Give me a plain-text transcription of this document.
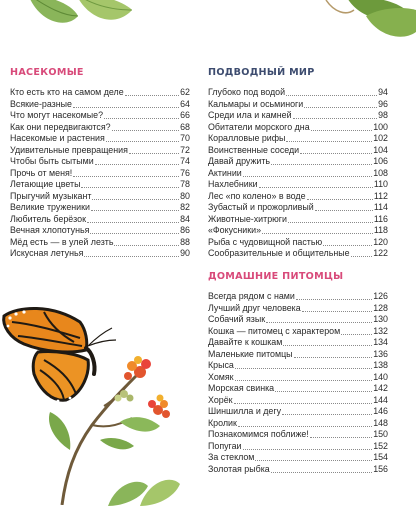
НАСЕКОМЫЕ
Кто есть кто на самом деле	62
Всякие-разные	64
Что могут насекомые?	66
Как они передвигаются?	68
Насекомые и растения	70
Удивительные превращения	72
Чтобы быть сытыми	74
Прочь от меня!	76
Летающие цветы	78
Прыгучий музыкант	80
Великие труженики	82
Любитель берёзок	84
Вечная хлопотунья	86
Мёд есть — в улей лезть	88
Искусная летунья	90
ПОДВОДНЫЙ МИР
Глубоко под водой	94
Кальмары и осьминоги	96
Среди ила и камней	98
Обитатели морского дна	100
Коралловые рифы	102
Воинственные соседи	104
Давай дружить	106
Актинии	108
Нахлебники	110
Лес «по колено» в воде	112
Зубастый и прожорливый	114
Животные-хитрюги	116
«Фокусники»	118
Рыба с чудовищной пастью	120
Сообразительные и общительные	122
ДОМАШНИЕ ПИТОМЦЫ
Всегда рядом с нами	126
Лучший друг человека	128
Собачий язык	130
Кошка — питомец с характером	132
Давайте к кошкам	134
Маленькие питомцы	136
Крыса	138
Хомяк	140
Морская свинка	142
Хорёк	144
Шиншилла и дегу	146
Кролик	148
Познакомимся поближе!	150
Попугаи	152
За стеклом	154
Золотая рыбка	156
